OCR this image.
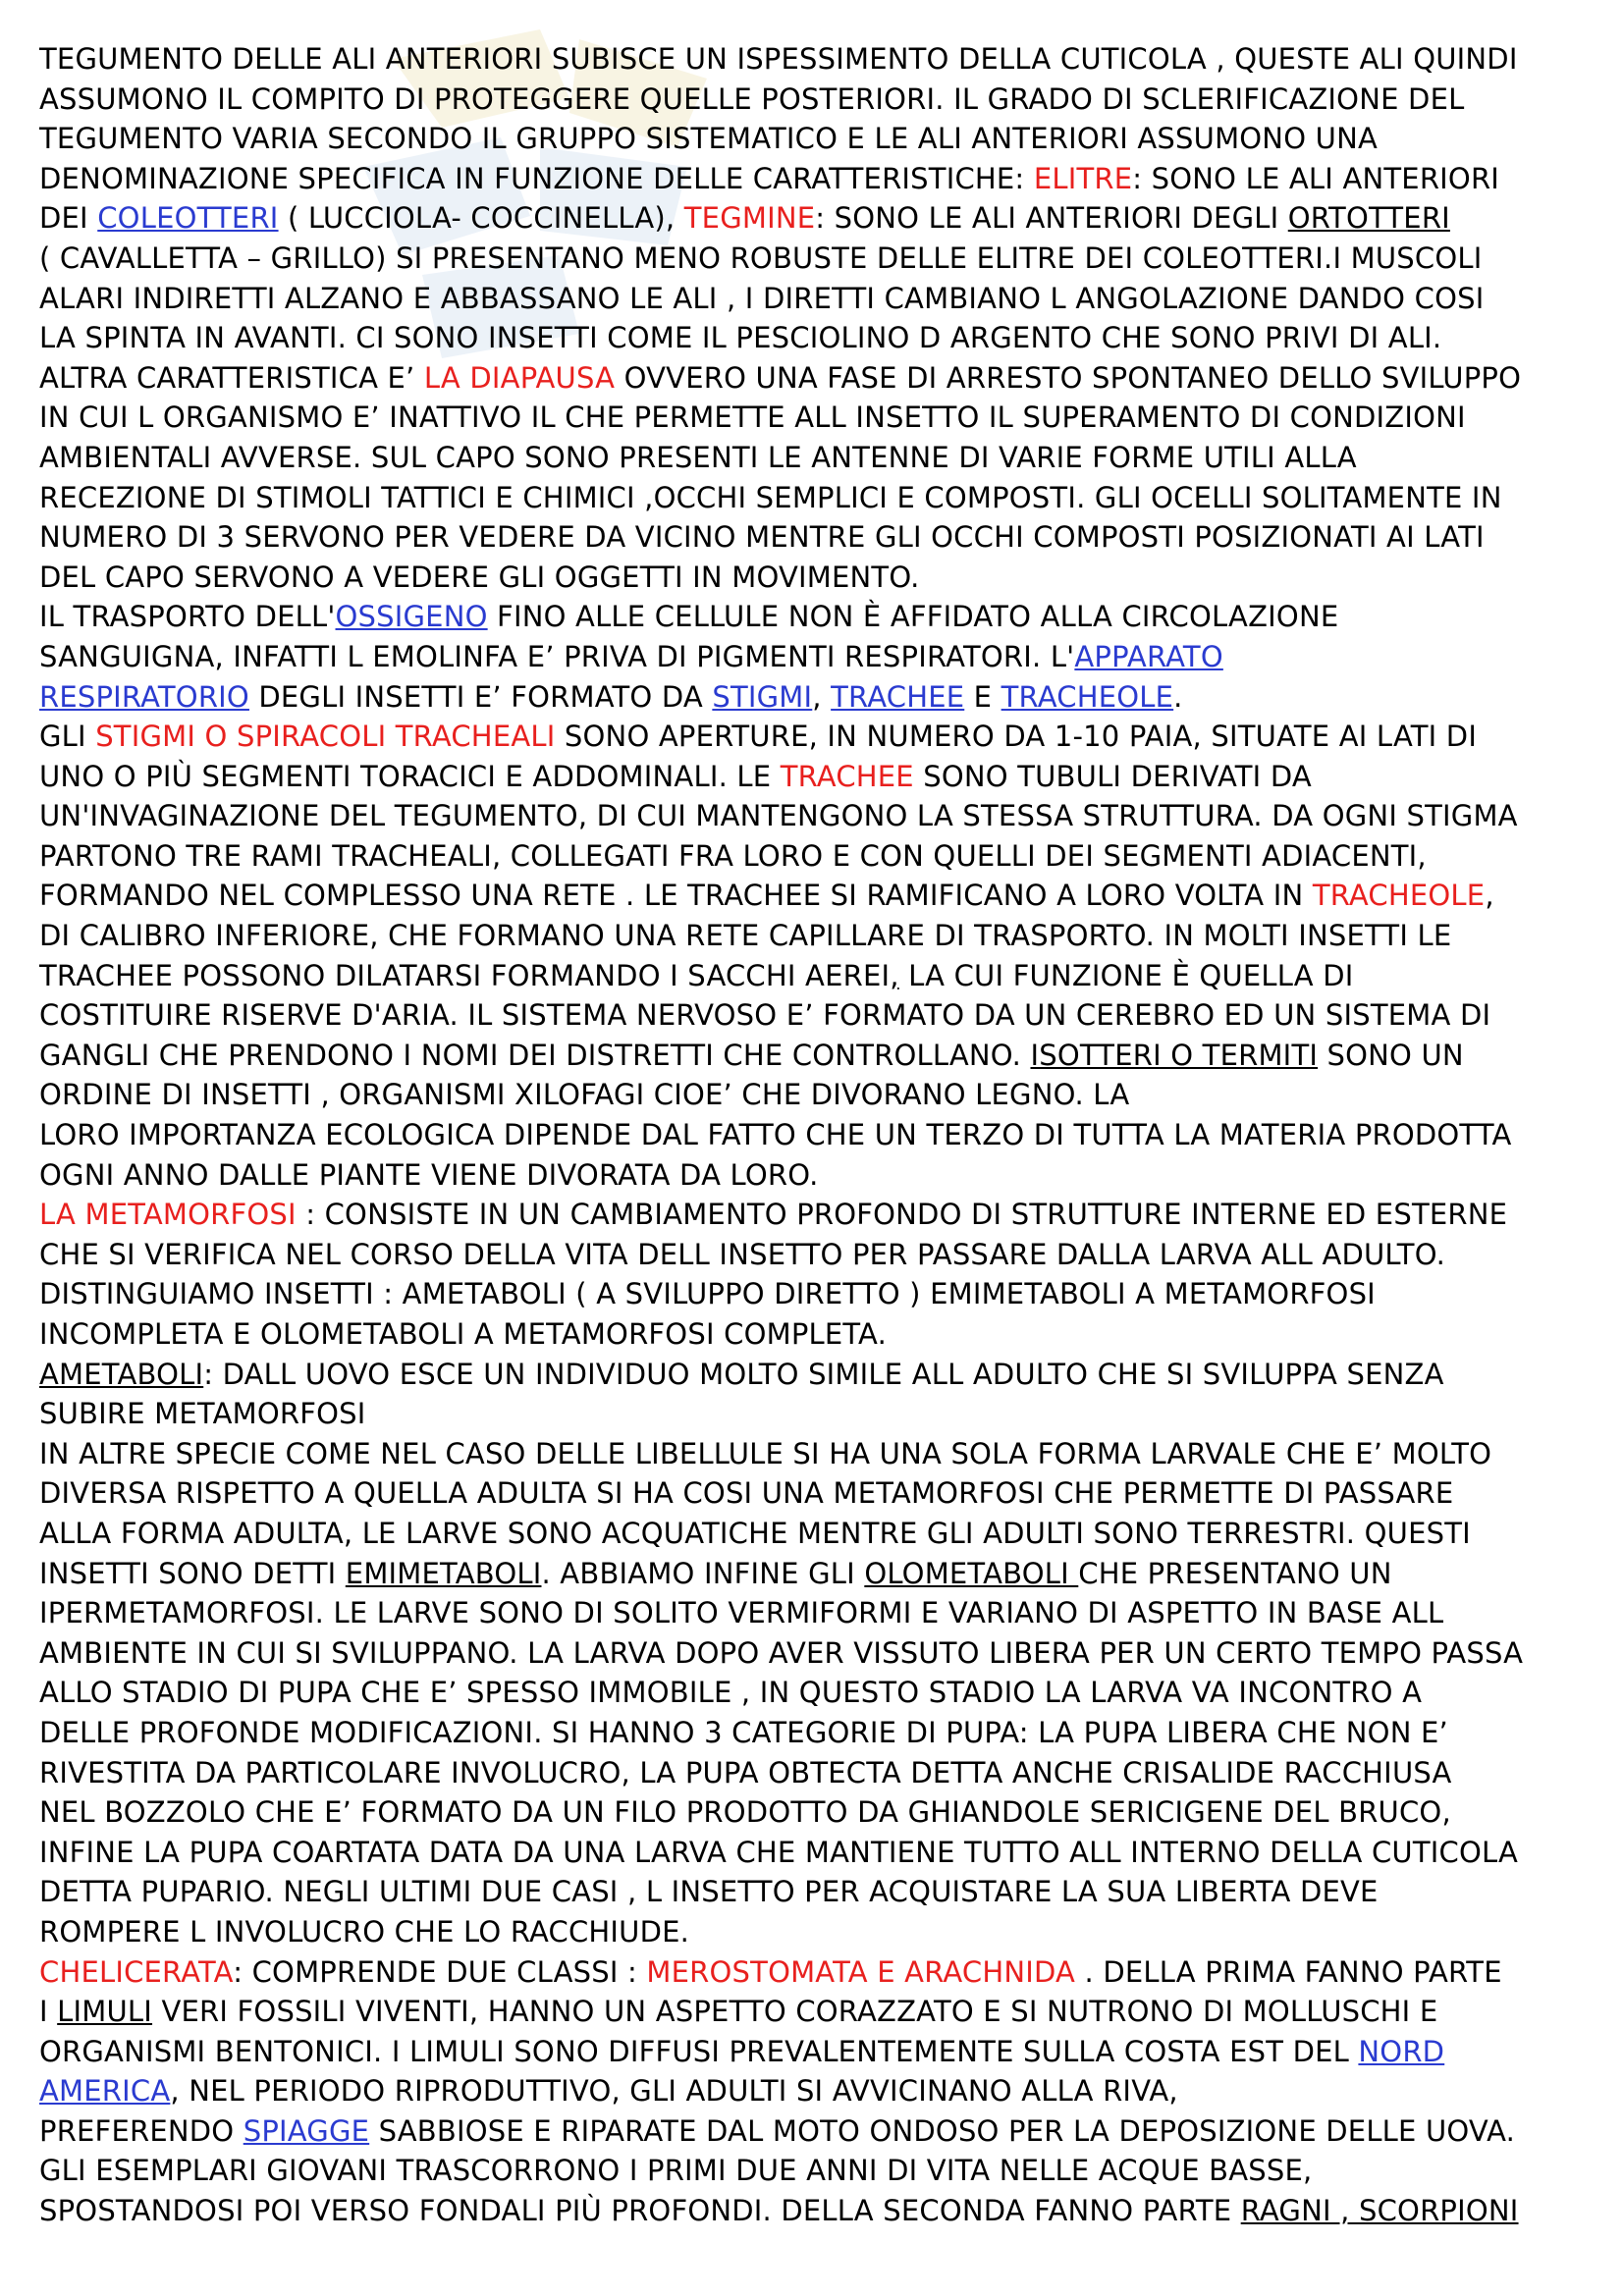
TEGUMENTO DELLE ALI ANTERIORI SUBISCE UN ISPESSIMENTO DELLA CUTICOLA , QUESTE ALI QUINDI
ASSUMONO IL COMPITO DI PROTEGGERE QUELLE POSTERIORI. IL GRADO DI SCLERIFICAZIONE DEL
TEGUMENTO VARIA SECONDO IL GRUPPO SISTEMATICO E LE ALI ANTERIORI ASSUMONO UNA
DENOMINAZIONE SPECIFICA IN FUNZIONE DELLE CARATTERISTICHE: ELITRE: SONO LE ALI ANTERIORI
DEI COLEOTTERI ( LUCCIOLA- COCCINELLA), TEGMINE: SONO LE ALI ANTERIORI DEGLI ORTOTTERI
( CAVALLETTA – GRILLO) SI PRESENTANO MENO ROBUSTE DELLE ELITRE DEI COLEOTTERI.I MUSCOLI
ALARI INDIRETTI ALZANO E ABBASSANO LE ALI , I DIRETTI CAMBIANO L ANGOLAZIONE DANDO COSI
LA SPINTA IN AVANTI. CI SONO INSETTI COME IL PESCIOLINO D ARGENTO CHE SONO PRIVI DI ALI.
ALTRA CARATTERISTICA E’ LA DIAPAUSA OVVERO UNA FASE DI ARRESTO SPONTANEO DELLO SVILUPPO
IN CUI L ORGANISMO E’ INATTIVO IL CHE PERMETTE ALL INSETTO IL SUPERAMENTO DI CONDIZIONI
AMBIENTALI AVVERSE. SUL CAPO SONO PRESENTI LE ANTENNE DI VARIE FORME UTILI ALLA
RECEZIONE DI STIMOLI TATTICI E CHIMICI ,OCCHI SEMPLICI E COMPOSTI. GLI OCELLI SOLITAMENTE IN
NUMERO DI 3 SERVONO PER VEDERE DA VICINO MENTRE GLI OCCHI COMPOSTI POSIZIONATI AI LATI
DEL CAPO SERVONO A VEDERE GLI OGGETTI IN MOVIMENTO.
IL TRASPORTO DELL'OSSIGENO FINO ALLE CELLULE NON È AFFIDATO ALLA CIRCOLAZIONE
SANGUIGNA, INFATTI L EMOLINFA E’ PRIVA DI PIGMENTI RESPIRATORI. L'APPARATO
RESPIRATORIO DEGLI INSETTI E’ FORMATO DA STIGMI, TRACHEE E TRACHEOLE.
GLI STIGMI O SPIRACOLI TRACHEALI SONO APERTURE, IN NUMERO DA 1-10 PAIA, SITUATE AI LATI DI
UNO O PIÙ SEGMENTI TORACICI E ADDOMINALI. LE TRACHEE SONO TUBULI DERIVATI DA
UN'INVAGINAZIONE DEL TEGUMENTO, DI CUI MANTENGONO LA STESSA STRUTTURA. DA OGNI STIGMA
PARTONO TRE RAMI TRACHEALI, COLLEGATI FRA LORO E CON QUELLI DEI SEGMENTI ADIACENTI,
FORMANDO NEL COMPLESSO UNA RETE . LE TRACHEE SI RAMIFICANO A LORO VOLTA IN TRACHEOLE,
DI CALIBRO INFERIORE, CHE FORMANO UNA RETE CAPILLARE DI TRASPORTO. IN MOLTI INSETTI LE
TRACHEE POSSONO DILATARSI FORMANDO I SACCHI AEREI, LA CUI FUNZIONE È QUELLA DI
COSTITUIRE RISERVE D'ARIA. IL SISTEMA NERVOSO E’ FORMATO DA UN CEREBRO ED UN SISTEMA DI
GANGLI CHE PRENDONO I NOMI DEI DISTRETTI CHE CONTROLLANO. ISOTTERI O TERMITI SONO UN
ORDINE DI INSETTI , ORGANISMI XILOFAGI CIOE’ CHE DIVORANO LEGNO. LA
LORO IMPORTANZA ECOLOGICA DIPENDE DAL FATTO CHE UN TERZO DI TUTTA LA MATERIA PRODOTTA
OGNI ANNO DALLE PIANTE VIENE DIVORATA DA LORO.
LA METAMORFOSI : CONSISTE IN UN CAMBIAMENTO PROFONDO DI STRUTTURE INTERNE ED ESTERNE
CHE SI VERIFICA NEL CORSO DELLA VITA DELL INSETTO PER PASSARE DALLA LARVA ALL ADULTO.
DISTINGUIAMO INSETTI : AMETABOLI ( A SVILUPPO DIRETTO ) EMIMETABOLI A METAMORFOSI
INCOMPLETA E OLOMETABOLI A METAMORFOSI COMPLETA.
AMETABOLI: DALL UOVO ESCE UN INDIVIDUO MOLTO SIMILE ALL ADULTO CHE SI SVILUPPA SENZA
SUBIRE METAMORFOSI
IN ALTRE SPECIE COME NEL CASO DELLE LIBELLULE SI HA UNA SOLA FORMA LARVALE CHE E’ MOLTO
DIVERSA RISPETTO A QUELLA ADULTA SI HA COSI UNA METAMORFOSI CHE PERMETTE DI PASSARE
ALLA FORMA ADULTA, LE LARVE SONO ACQUATICHE MENTRE GLI ADULTI SONO TERRESTRI. QUESTI
INSETTI SONO DETTI EMIMETABOLI. ABBIAMO INFINE GLI OLOMETABOLI CHE PRESENTANO UN
IPERMETAMORFOSI. LE LARVE SONO DI SOLITO VERMIFORMI E VARIANO DI ASPETTO IN BASE ALL
AMBIENTE IN CUI SI SVILUPPANO. LA LARVA DOPO AVER VISSUTO LIBERA PER UN CERTO TEMPO PASSA
ALLO STADIO DI PUPA CHE E’ SPESSO IMMOBILE , IN QUESTO STADIO LA LARVA VA INCONTRO A
DELLE PROFONDE MODIFICAZIONI. SI HANNO 3 CATEGORIE DI PUPA: LA PUPA LIBERA CHE NON E’
RIVESTITA DA PARTICOLARE INVOLUCRO, LA PUPA OBTECTA DETTA ANCHE CRISALIDE RACCHIUSA
NEL BOZZOLO CHE E’ FORMATO DA UN FILO PRODOTTO DA GHIANDOLE SERICIGENE DEL BRUCO,
INFINE LA PUPA COARTATA DATA DA UNA LARVA CHE MANTIENE TUTTO ALL INTERNO DELLA CUTICOLA
DETTA PUPARIO. NEGLI ULTIMI DUE CASI , L INSETTO PER ACQUISTARE LA SUA LIBERTA DEVE
ROMPERE L INVOLUCRO CHE LO RACCHIUDE.
CHELICERATA: COMPRENDE DUE CLASSI : MEROSTOMATA E ARACHNIDA . DELLA PRIMA FANNO PARTE
I LIMULI VERI FOSSILI VIVENTI, HANNO UN ASPETTO CORAZZATO E SI NUTRONO DI MOLLUSCHI E
ORGANISMI BENTONICI. I LIMULI SONO DIFFUSI PREVALENTEMENTE SULLA COSTA EST DEL NORD
AMERICA, NEL PERIODO RIPRODUTTIVO, GLI ADULTI SI AVVICINANO ALLA RIVA,
PREFERENDO SPIAGGE SABBIOSE E RIPARATE DAL MOTO ONDOSO PER LA DEPOSIZIONE DELLE UOVA.
GLI ESEMPLARI GIOVANI TRASCORRONO I PRIMI DUE ANNI DI VITA NELLE ACQUE BASSE,
SPOSTANDOSI POI VERSO FONDALI PIÙ PROFONDI. DELLA SECONDA FANNO PARTE RAGNI , SCORPIONI
